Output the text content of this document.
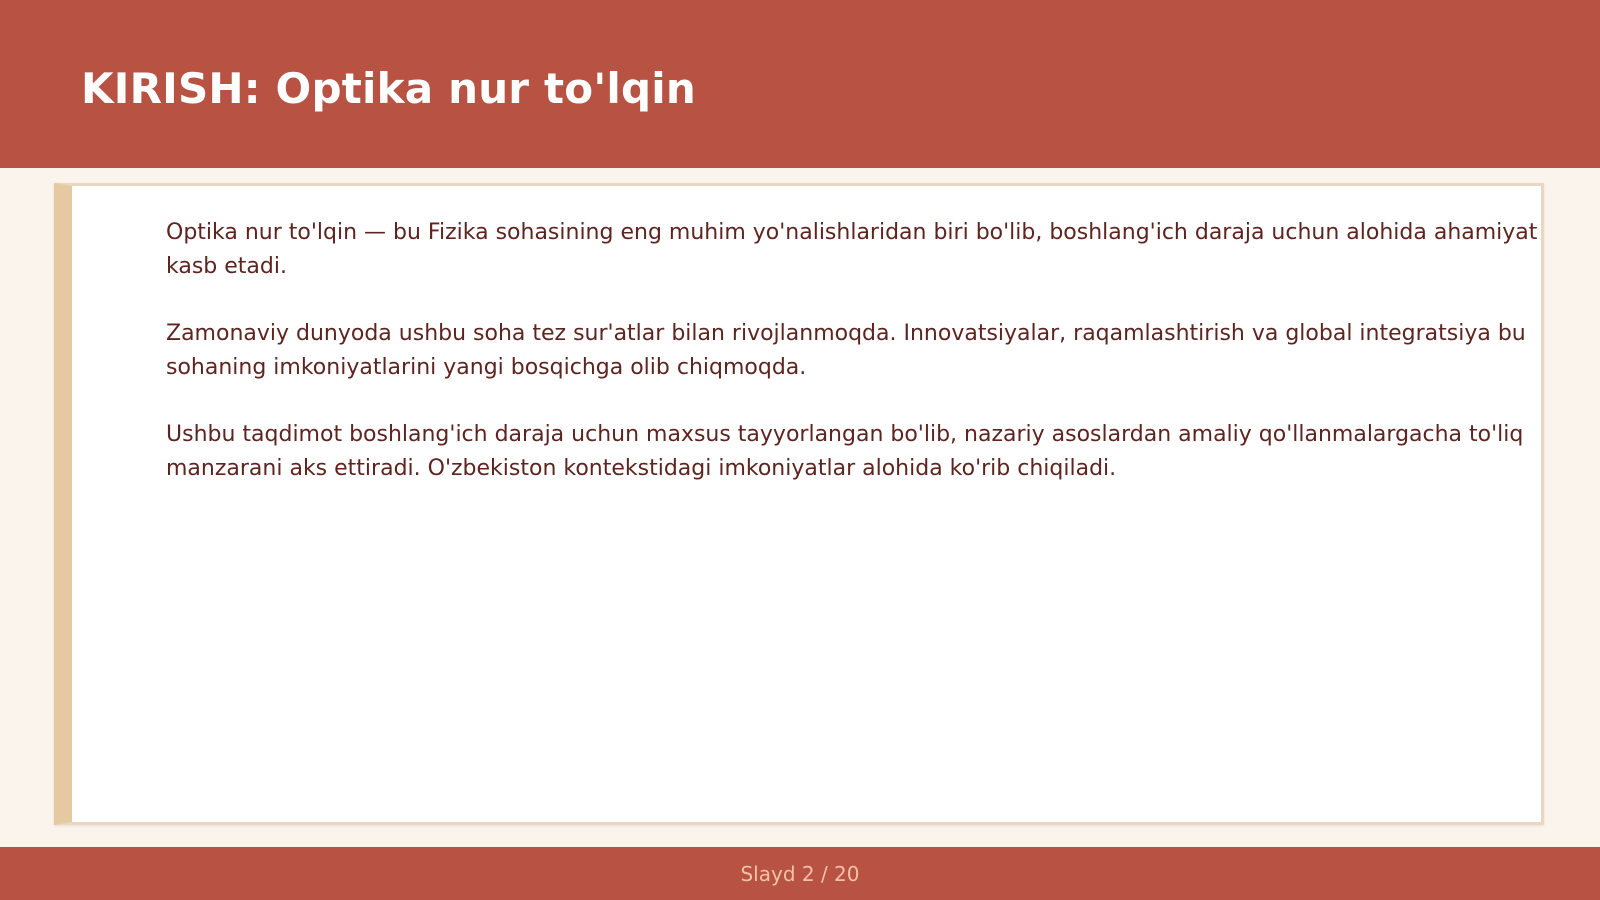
KIRISH: Optika nur to'lqin

Optika nur to'lqin — bu Fizika sohasining eng muhim yo'nalishlaridan biri bo'lib, boshlang'ich daraja uchun alohida ahamiyat kasb etadi.

Zamonaviy dunyoda ushbu soha tez sur'atlar bilan rivojlanmoqda. Innovatsiyalar, raqamlashtirish va global integratsiya bu sohaning imkoniyatlarini yangi bosqichga olib chiqmoqda.

Ushbu taqdimot boshlang'ich daraja uchun maxsus tayyorlangan bo'lib, nazariy asoslardan amaliy qo'llanmalargacha to'liq manzarani aks ettiradi. O'zbekiston kontekstidagi imkoniyatlar alohida ko'rib chiqiladi.

Slayd 2 / 20
